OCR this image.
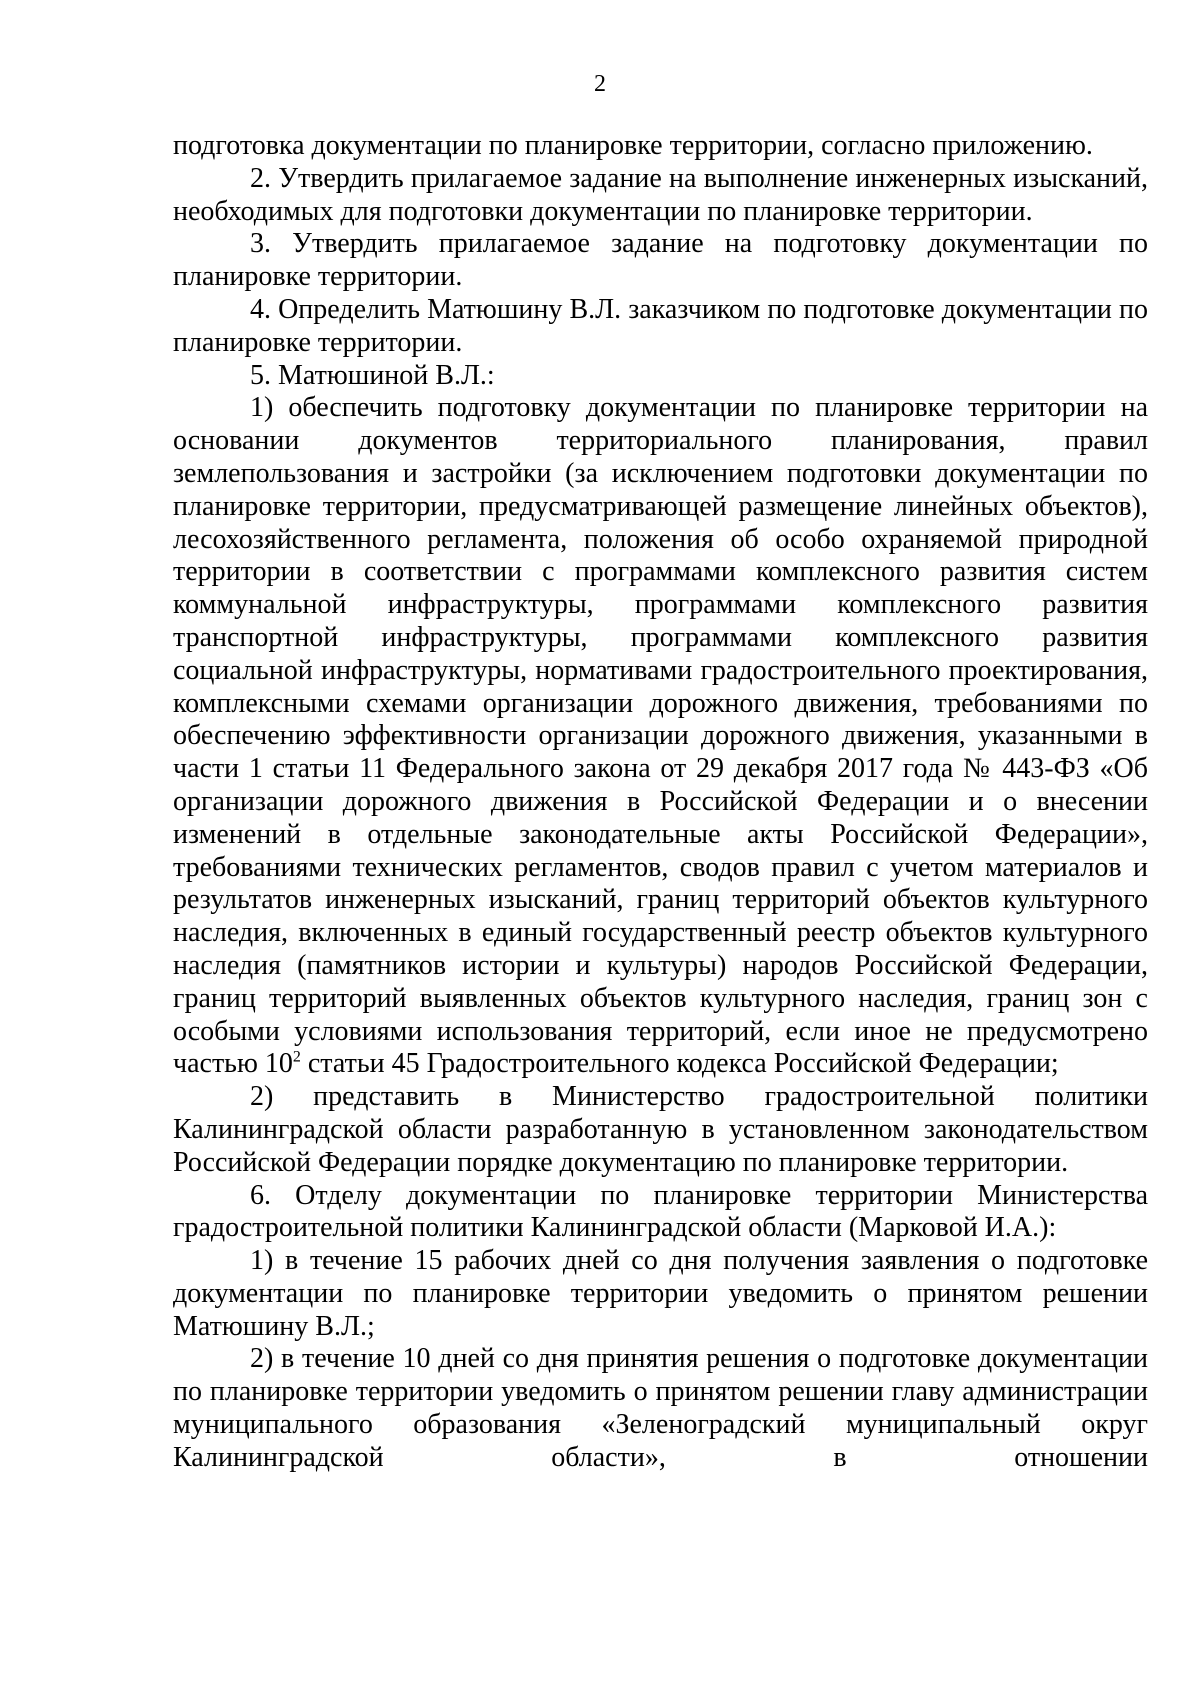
2

подготовка документации по планировке территории, согласно приложению.

2. Утвердить прилагаемое задание на выполнение инженерных изысканий, необходимых для подготовки документации по планировке территории.

3. Утвердить прилагаемое задание на подготовку документации по планировке территории.

4. Определить Матюшину В.Л. заказчиком по подготовке документации по планировке территории.

5. Матюшиной В.Л.:

1) обеспечить подготовку документации по планировке территории на основании документов территориального планирования, правил землепользования и застройки (за исключением подготовки документации по планировке территории, предусматривающей размещение линейных объектов), лесохозяйственного регламента, положения об особо охраняемой природной территории в соответствии с программами комплексного развития систем коммунальной инфраструктуры, программами комплексного развития транспортной инфраструктуры, программами комплексного развития социальной инфраструктуры, нормативами градостроительного проектирования, комплексными схемами организации дорожного движения, требованиями по обеспечению эффективности организации дорожного движения, указанными в части 1 статьи 11 Федерального закона от 29 декабря 2017 года № 443-ФЗ «Об организации дорожного движения в Российской Федерации и о внесении изменений в отдельные законодательные акты Российской Федерации», требованиями технических регламентов, сводов правил с учетом материалов и результатов инженерных изысканий, границ территорий объектов культурного наследия, включенных в единый государственный реестр объектов культурного наследия (памятников истории и культуры) народов Российской Федерации, границ территорий выявленных объектов культурного наследия, границ зон с особыми условиями использования территорий, если иное не предусмотрено частью $10^2$ статьи 45 Градостроительного кодекса Российской Федерации;

2) представить в Министерство градостроительной политики Калининградской области разработанную в установленном законодательством Российской Федерации порядке документацию по планировке территории.

6. Отделу документации по планировке территории Министерства градостроительной политики Калининградской области (Марковой И.А.):

1) в течение 15 рабочих дней со дня получения заявления о подготовке документации по планировке территории уведомить о принятом решении Матюшину В.Л.;

2) в течение 10 дней со дня принятия решения о подготовке документации по планировке территории уведомить о принятом решении главу администрации муниципального образования «Зеленоградский муниципальный округ Калининградской области», в отношении
